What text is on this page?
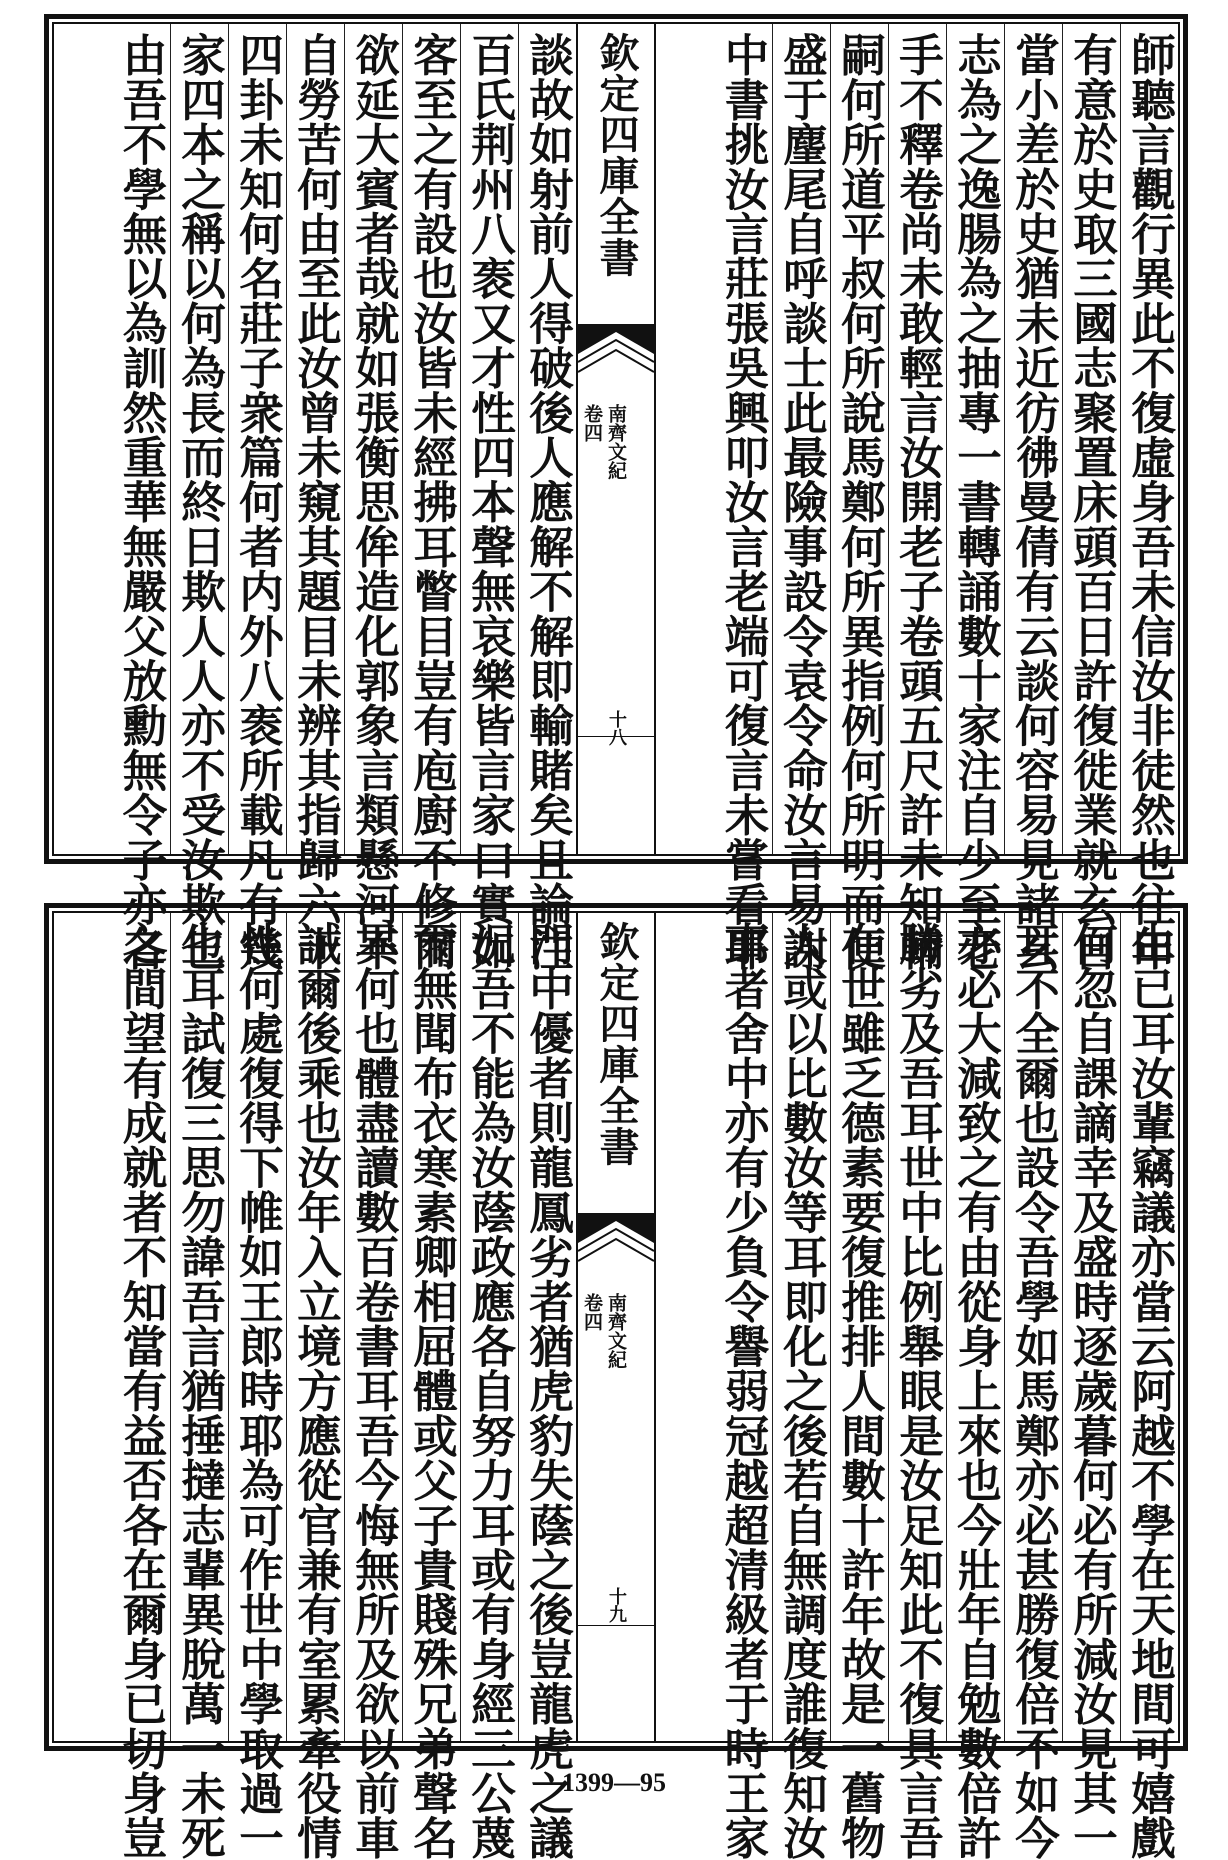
師聽言觀行異此不復虛身吾未信汝非徒然也往年
有意於史取三國志聚置床頭百日許復徙業就玄自
當小差於史猶未近彷彿曼倩有云談何容易見諸玄
志為之逸腸為之抽專一書轉誦數十家注自少至老
手不釋卷尚未敢輕言汝開老子卷頭五尺許未知輔
嗣何所道平叔何所說馬鄭何所異指例何所明而便
盛于麈尾自呼談士此最險事設令袁令命汝言易謝
中書挑汝言莊張吳興叩汝言老端可復言未嘗看耶
欽定四庫全書
南齊文紀
卷四
十八
談故如射前人得破後人應解不解即輸賭矣且論注
百氏荆州八袠又才性四本聲無哀樂皆言家口實如
客至之有設也汝皆未經拂耳瞥目豈有庖廚不修而
欲延大賓者哉就如張衡思侔造化郭象言類懸河不
自勞苦何由至此汝曾未窺其題目未辨其指歸六十
四卦未知何名莊子衆篇何者内外八袠所載凡有幾
家四本之稱以何為長而終日欺人人亦不受汝欺也
由吾不學無以為訓然重華無嚴父放勳無令子亦各
由已耳汝輩竊議亦當云阿越不學在天地間可嬉戲
何忽自課謫幸及盛時逐歲暮何必有所減汝見其一
耳不全爾也設令吾學如馬鄭亦必甚勝復倍不如今
亦必大減致之有由從身上來也今壯年自勉數倍許
勝劣及吾耳世中比例舉眼是汝足知此不復具言吾
在世雖乏德素要復推排人間數十許年故是一舊物
人或以比數汝等耳即化之後若自無調度誰復知汝
事者舍中亦有少負令譽弱冠越超清級者于時王家
欽定四庫全書
南齊文紀
卷四
十九
門中優者則龍鳳劣者猶虎豹失蔭之後豈龍虎之議
況吾不能為汝蔭政應各自努力耳或有身經三公蔑
爾無聞布衣寒素卿相屈體或父子貴賤殊兄弟聲名
異何也體盡讀數百卷書耳吾今悔無所及欲以前車
誡爾後乘也汝年入立境方應從官兼有室累牽役情
性何處復得下帷如王郎時耶為可作世中學取過一
生耳試復三思勿諱吾言猶捶撻志輩異脫萬一未死
之間望有成就者不知當有益否各在爾身已切身豈	1399—95
